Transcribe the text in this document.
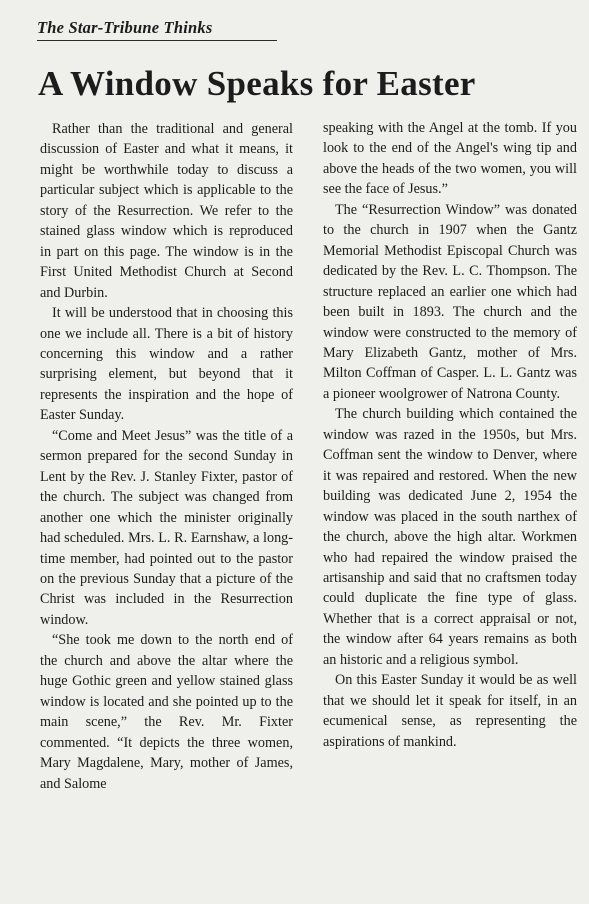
The Star-Tribune Thinks
A Window Speaks for Easter

Rather than the traditional and general discussion of Easter and what it means, it might be worthwhile today to discuss a particular subject which is applicable to the story of the Resurrection. We refer to the stained glass window which is reproduced in part on this page. The window is in the First United Methodist Church at Second and Durbin.

It will be understood that in choosing this one we include all. There is a bit of history concerning this window and a rather surprising element, but beyond that it represents the inspiration and the hope of Easter Sunday.

“Come and Meet Jesus” was the title of a sermon prepared for the second Sunday in Lent by the Rev. J. Stanley Fixter, pastor of the church. The subject was changed from another one which the minister originally had scheduled. Mrs. L. R. Earnshaw, a long-time member, had pointed out to the pastor on the previous Sunday that a picture of the Christ was included in the Resurrection window.

“She took me down to the north end of the church and above the altar where the huge Gothic green and yellow stained glass window is located and she pointed up to the main scene,” the Rev. Mr. Fixter commented. “It depicts the three women, Mary Magdalene, Mary, mother of James, and Salome

speaking with the Angel at the tomb. If you look to the end of the Angel's wing tip and above the heads of the two women, you will see the face of Jesus.”

The “Resurrection Window” was donated to the church in 1907 when the Gantz Memorial Methodist Episcopal Church was dedicated by the Rev. L. C. Thompson. The structure replaced an earlier one which had been built in 1893. The church and the window were constructed to the memory of Mary Elizabeth Gantz, mother of Mrs. Milton Coffman of Casper. L. L. Gantz was a pioneer woolgrower of Natrona County.

The church building which contained the window was razed in the 1950s, but Mrs. Coffman sent the window to Denver, where it was repaired and restored. When the new building was dedicated June 2, 1954 the window was placed in the south narthex of the church, above the high altar. Workmen who had repaired the window praised the artisanship and said that no craftsmen today could duplicate the fine type of glass. Whether that is a correct appraisal or not, the window after 64 years remains as both an historic and a religious symbol.

On this Easter Sunday it would be as well that we should let it speak for itself, in an ecumenical sense, as representing the aspirations of mankind.
